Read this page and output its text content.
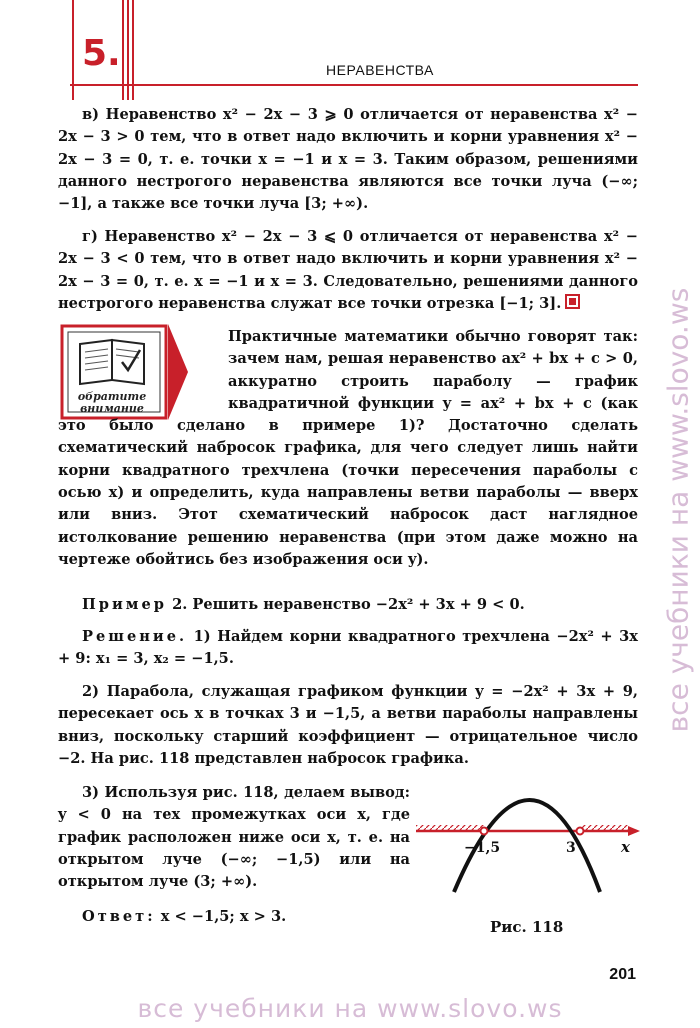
5.	НЕРАВЕНСТВА
в) Неравенство x² − 2x − 3 ⩾ 0 отличается от неравенства x² − 2x − 3 > 0 тем, что в ответ надо включить и корни уравнения x² − 2x − 3 = 0, т. е. точки x = −1 и x = 3. Таким образом, решениями данного нестрогого неравенства являются все точки луча (−∞; −1], а также все точки луча [3; +∞).
г) Неравенство x² − 2x − 3 ⩽ 0 отличается от неравенства x² − 2x − 3 < 0 тем, что в ответ надо включить и корни уравнения x² − 2x − 3 = 0, т. е. x = −1 и x = 3. Следовательно, решениями данного нестрогого неравенства служат все точки отрезка [−1; 3].
обратите
внимание
Практичные математики обычно говорят так: зачем нам, решая неравенство ax² + bx + c > 0, аккуратно строить параболу — график квадратичной функции y = ax² + bx + c (как это было сделано в примере 1)? Достаточно сделать схематический набросок графика, для чего следует лишь найти корни квадратного трехчлена (точки пересечения параболы с осью x) и определить, куда направлены ветви параболы — вверх или вниз. Этот схематический набросок даст наглядное истолкование решению неравенства (при этом даже можно на чертеже обойтись без изображения оси y).
Пример 2. Решить неравенство −2x² + 3x + 9 < 0.
Решение. 1) Найдем корни квадратного трехчлена −2x² + 3x + 9: x₁ = 3, x₂ = −1,5.
2) Парабола, служащая графиком функции y = −2x² + 3x + 9, пересекает ось x в точках 3 и −1,5, а ветви параболы направлены вниз, поскольку старший коэффициент — отрицательное число −2. На рис. 118 представлен набросок графика.
3) Используя рис. 118, делаем вывод: y < 0 на тех промежутках оси x, где график расположен ниже оси x, т. е. на открытом луче (−∞; −1,5) или на открытом луче (3; +∞).
Ответ: x < −1,5; x > 3.
−1,5	3	x
Рис. 118
201
все учебники на www.slovo.ws
все учебники на www.slovo.ws
